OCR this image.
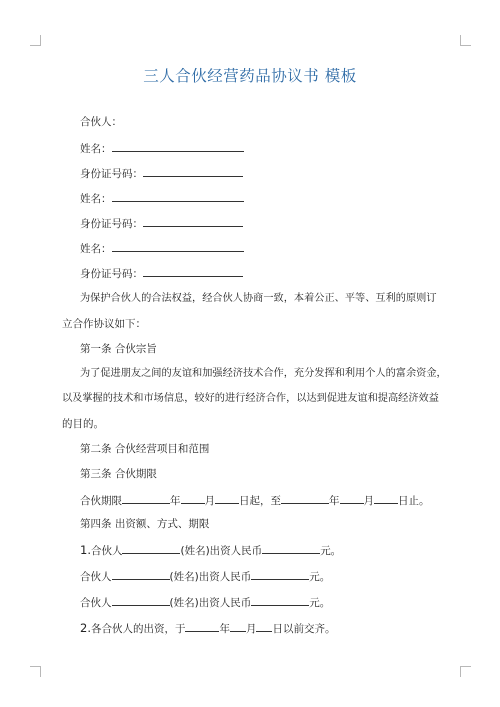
三人合伙经营药品协议书 模板
合伙人：
姓名：
身份证号码：
姓名：
身份证号码：
姓名：
身份证号码：
为保护合伙人的合法权益，经合伙人协商一致，本着公正、平等、互利的原则订
立合作协议如下：
第一条 合伙宗旨
为了促进朋友之间的友谊和加强经济技术合作，充分发挥和利用个人的富余资金，
以及掌握的技术和市场信息，较好的进行经济合作，以达到促进友谊和提高经济效益
的目的。
第二条 合伙经营项目和范围
第三条 合伙期限
合伙期限	年 月 日起，至	年 月 日止。
第四条 出资额、方式、期限
1.合伙人	(姓名)出资人民币	元。
合伙人	(姓名)出资人民币	元。
合伙人	(姓名)出资人民币	元。
2.各合伙人的出资，于	年 月 日以前交齐。
